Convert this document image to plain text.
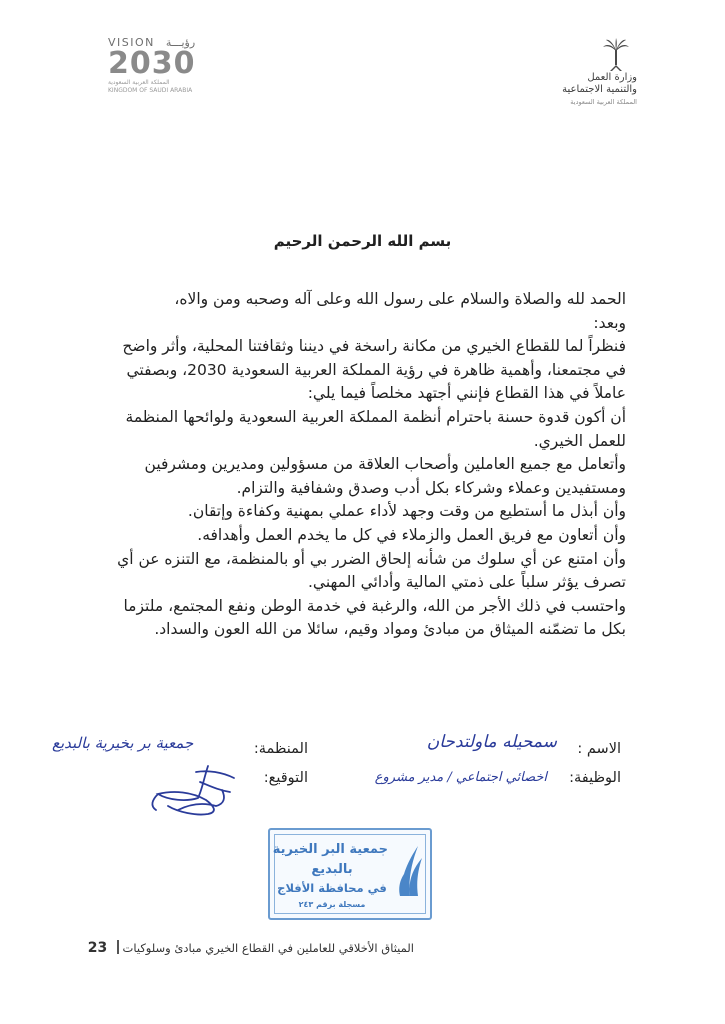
وزارة العمل
والتنمية الاجتماعية
المملكة العربية السعودية
VISION رؤيـــة
2030
المملكة العربية السعودية
KINGDOM OF SAUDI ARABIA
بسم الله الرحمن الرحيم

الحمد لله والصلاة والسلام على رسول الله وعلى آله وصحبه ومن والاه،

وبعد:

فنظراً لما للقطاع الخيري من مكانة راسخة في ديننا وثقافتنا المحلية، وأثر واضح في مجتمعنا، وأهمية ظاهرة في رؤية المملكة العربية السعودية 2030، وبصفتي عاملاً في هذا القطاع فإنني أجتهد مخلصاً فيما يلي:

أن أكون قدوة حسنة باحترام أنظمة المملكة العربية السعودية ولوائحها المنظمة للعمل الخيري.

وأتعامل مع جميع العاملين وأصحاب العلاقة من مسؤولين ومديرين ومشرفين ومستفيدين وعملاء وشركاء بكل أدب وصدق وشفافية والتزام.

وأن أبذل ما أستطيع من وقت وجهد لأداء عملي بمهنية وكفاءة وإتقان.

وأن أتعاون مع فريق العمل والزملاء في كل ما يخدم العمل وأهدافه.

وأن امتنع عن أي سلوك من شأنه إلحاق الضرر بي أو بالمنظمة، مع التنزه عن أي تصرف يؤثر سلباً على ذمتي المالية وأدائي المهني.

واحتسب في ذلك الأجر من الله، والرغبة في خدمة الوطن ونفع المجتمع، ملتزما بكل ما تضمّنه الميثاق من مبادئ ومواد وقيم، سائلا من الله العون والسداد.

الاسم :
سمحيله ماولتدحان
الوظيفة:
اخصائي اجتماعي / مدير مشروع
المنظمة:
جمعية بر بخيرية بالبديع
التوقيع:
جمعية البر الخيرية
بالبديع
في محافظة الأفلاج
مسجلة برقم ٢٤٣
الميثاق الأخلاقي للعاملين في القطاع الخيري مبادئ وسلوكيات  23
